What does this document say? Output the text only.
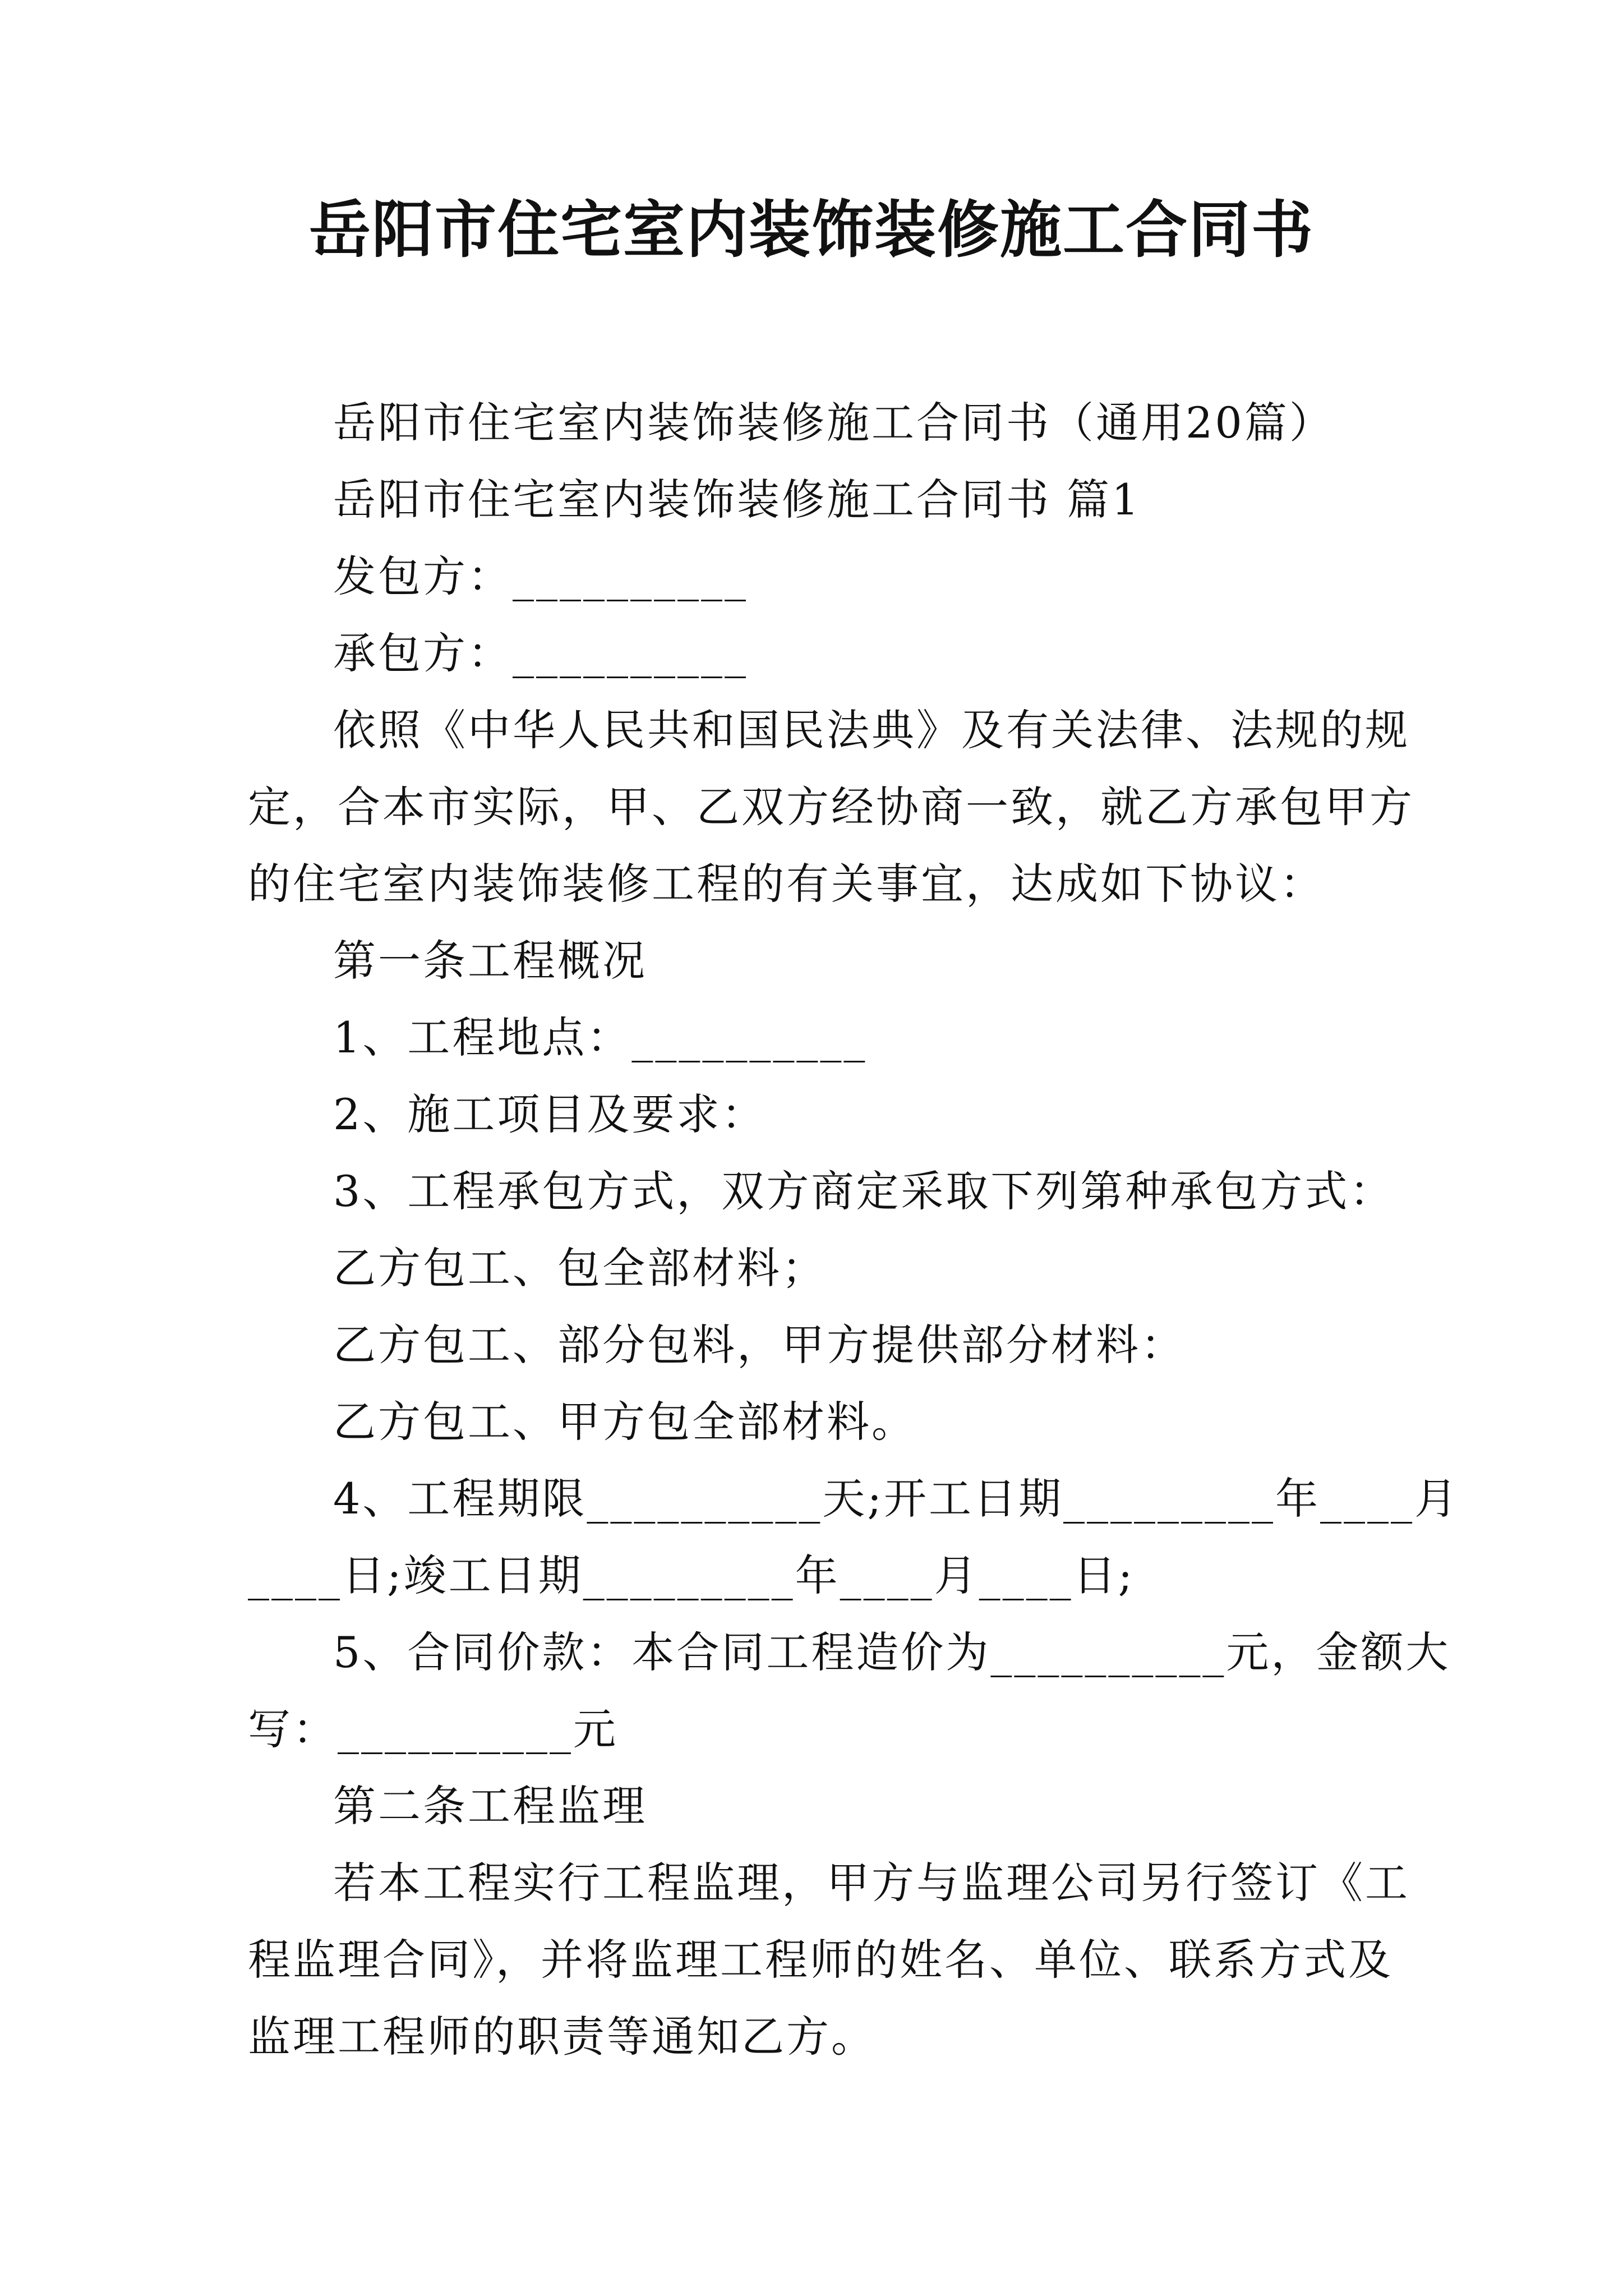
岳阳市住宅室内装饰装修施工合同书
岳阳市住宅室内装饰装修施工合同书（通用20篇）
岳阳市住宅室内装饰装修施工合同书 篇1
发包方：__________
承包方：__________
依照《中华人民共和国民法典》及有关法律、法规的规
定，合本市实际，甲、乙双方经协商一致，就乙方承包甲方
的住宅室内装饰装修工程的有关事宜，达成如下协议：
第一条工程概况
1、工程地点：__________
2、施工项目及要求：
3、工程承包方式，双方商定采取下列第种承包方式：
乙方包工、包全部材料；
乙方包工、部分包料，甲方提供部分材料：
乙方包工、甲方包全部材料。
4、工程期限__________天;开工日期_________年____月
____日;竣工日期_________年____月____日;
5、合同价款：本合同工程造价为__________元，金额大
写：__________元
第二条工程监理
若本工程实行工程监理，甲方与监理公司另行签订《工
程监理合同》，并将监理工程师的姓名、单位、联系方式及
监理工程师的职责等通知乙方。
